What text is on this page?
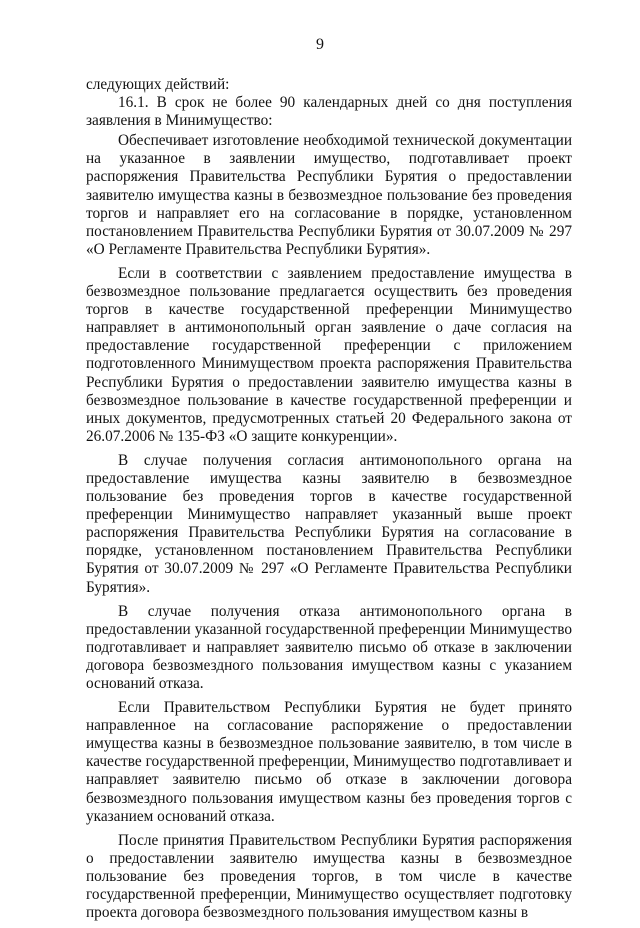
9

следующих действий:

16.1. В срок не более 90 календарных дней со дня поступления заявления в Минимущество:

Обеспечивает изготовление необходимой технической документации на указанное в заявлении имущество, подготавливает проект распоряжения Правительства Республики Бурятия о предоставлении заявителю имущества казны в безвозмездное пользование без проведения торгов и направляет его на согласование в порядке, установленном постановлением Правительства Республики Бурятия от 30.07.2009 № 297 «О Регламенте Правительства Республики Бурятия».

Если в соответствии с заявлением предоставление имущества в безвозмездное пользование предлагается осуществить без проведения торгов в качестве государственной преференции Минимущество направляет в антимонопольный орган заявление о даче согласия на предоставление государственной преференции с приложением подготовленного Минимуществом проекта распоряжения Правительства Республики Бурятия о предоставлении заявителю имущества казны в безвозмездное пользование в качестве государственной преференции и иных документов, предусмотренных статьей 20 Федерального закона от 26.07.2006 № 135-ФЗ «О защите конкуренции».

В случае получения согласия антимонопольного органа на предоставление имущества казны заявителю в безвозмездное пользование без проведения торгов в качестве государственной преференции Минимущество направляет указанный выше проект распоряжения Правительства Республики Бурятия на согласование в порядке, установленном постановлением Правительства Республики Бурятия от 30.07.2009 № 297 «О Регламенте Правительства Республики Бурятия».

В случае получения отказа антимонопольного органа в предоставлении указанной государственной преференции Минимущество подготавливает и направляет заявителю письмо об отказе в заключении договора безвозмездного пользования имуществом казны с указанием оснований отказа.

Если Правительством Республики Бурятия не будет принято направленное на согласование распоряжение о предоставлении имущества казны в безвозмездное пользование заявителю, в том числе в качестве государственной преференции, Минимущество подготавливает и направляет заявителю письмо об отказе в заключении договора безвозмездного пользования имуществом казны без проведения торгов с указанием оснований отказа.

После принятия Правительством Республики Бурятия распоряжения о предоставлении заявителю имущества казны в безвозмездное пользование без проведения торгов, в том числе в качестве государственной преференции, Минимущество осуществляет подготовку проекта договора безвозмездного пользования имуществом казны в
